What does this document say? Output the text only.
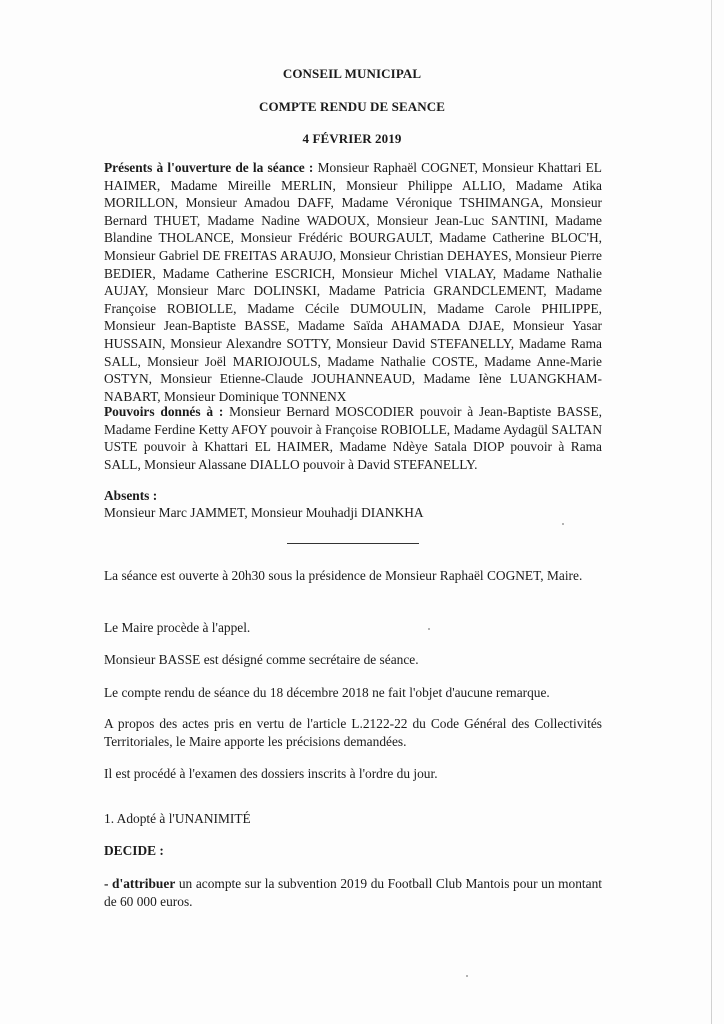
CONSEIL MUNICIPAL
COMPTE RENDU DE SEANCE
4 FÉVRIER 2019
Présents à l'ouverture de la séance : Monsieur Raphaël COGNET, Monsieur Khattari EL HAIMER, Madame Mireille MERLIN, Monsieur Philippe ALLIO, Madame Atika MORILLON, Monsieur Amadou DAFF, Madame Véronique TSHIMANGA, Monsieur Bernard THUET, Madame Nadine WADOUX, Monsieur Jean-Luc SANTINI, Madame Blandine THOLANCE, Monsieur Frédéric BOURGAULT, Madame Catherine BLOC'H, Monsieur Gabriel DE FREITAS ARAUJO, Monsieur Christian DEHAYES, Monsieur Pierre BEDIER, Madame Catherine ESCRICH, Monsieur Michel VIALAY, Madame Nathalie AUJAY, Monsieur Marc DOLINSKI, Madame Patricia GRANDCLEMENT, Madame Françoise ROBIOLLE, Madame Cécile DUMOULIN, Madame Carole PHILIPPE, Monsieur Jean-Baptiste BASSE, Madame Saïda AHAMADA DJAE, Monsieur Yasar HUSSAIN, Monsieur Alexandre SOTTY, Monsieur David STEFANELLY, Madame Rama SALL, Monsieur Joël MARIOJOULS, Madame Nathalie COSTE, Madame Anne-Marie OSTYN, Monsieur Etienne-Claude JOUHANNEAUD, Madame Iène LUANGKHAM-NABART, Monsieur Dominique TONNENX
Pouvoirs donnés à : Monsieur Bernard MOSCODIER pouvoir à Jean-Baptiste BASSE, Madame Ferdine Ketty AFOY pouvoir à Françoise ROBIOLLE, Madame Aydagül SALTAN USTE pouvoir à Khattari EL HAIMER, Madame Ndèye Satala DIOP pouvoir à Rama SALL, Monsieur Alassane DIALLO pouvoir à David STEFANELLY.
Absents :
Monsieur Marc JAMMET, Monsieur Mouhadji DIANKHA
La séance est ouverte à 20h30 sous la présidence de Monsieur Raphaël COGNET, Maire.
Le Maire procède à l'appel.
Monsieur BASSE est désigné comme secrétaire de séance.
Le compte rendu de séance du 18 décembre 2018 ne fait l'objet d'aucune remarque.
A propos des actes pris en vertu de l'article L.2122-22 du Code Général des Collectivités Territoriales, le Maire apporte les précisions demandées.
Il est procédé à l'examen des dossiers inscrits à l'ordre du jour.
1. Adopté à l'UNANIMITÉ
DECIDE :
- d'attribuer un acompte sur la subvention 2019 du Football Club Mantois pour un montant de 60 000 euros.
